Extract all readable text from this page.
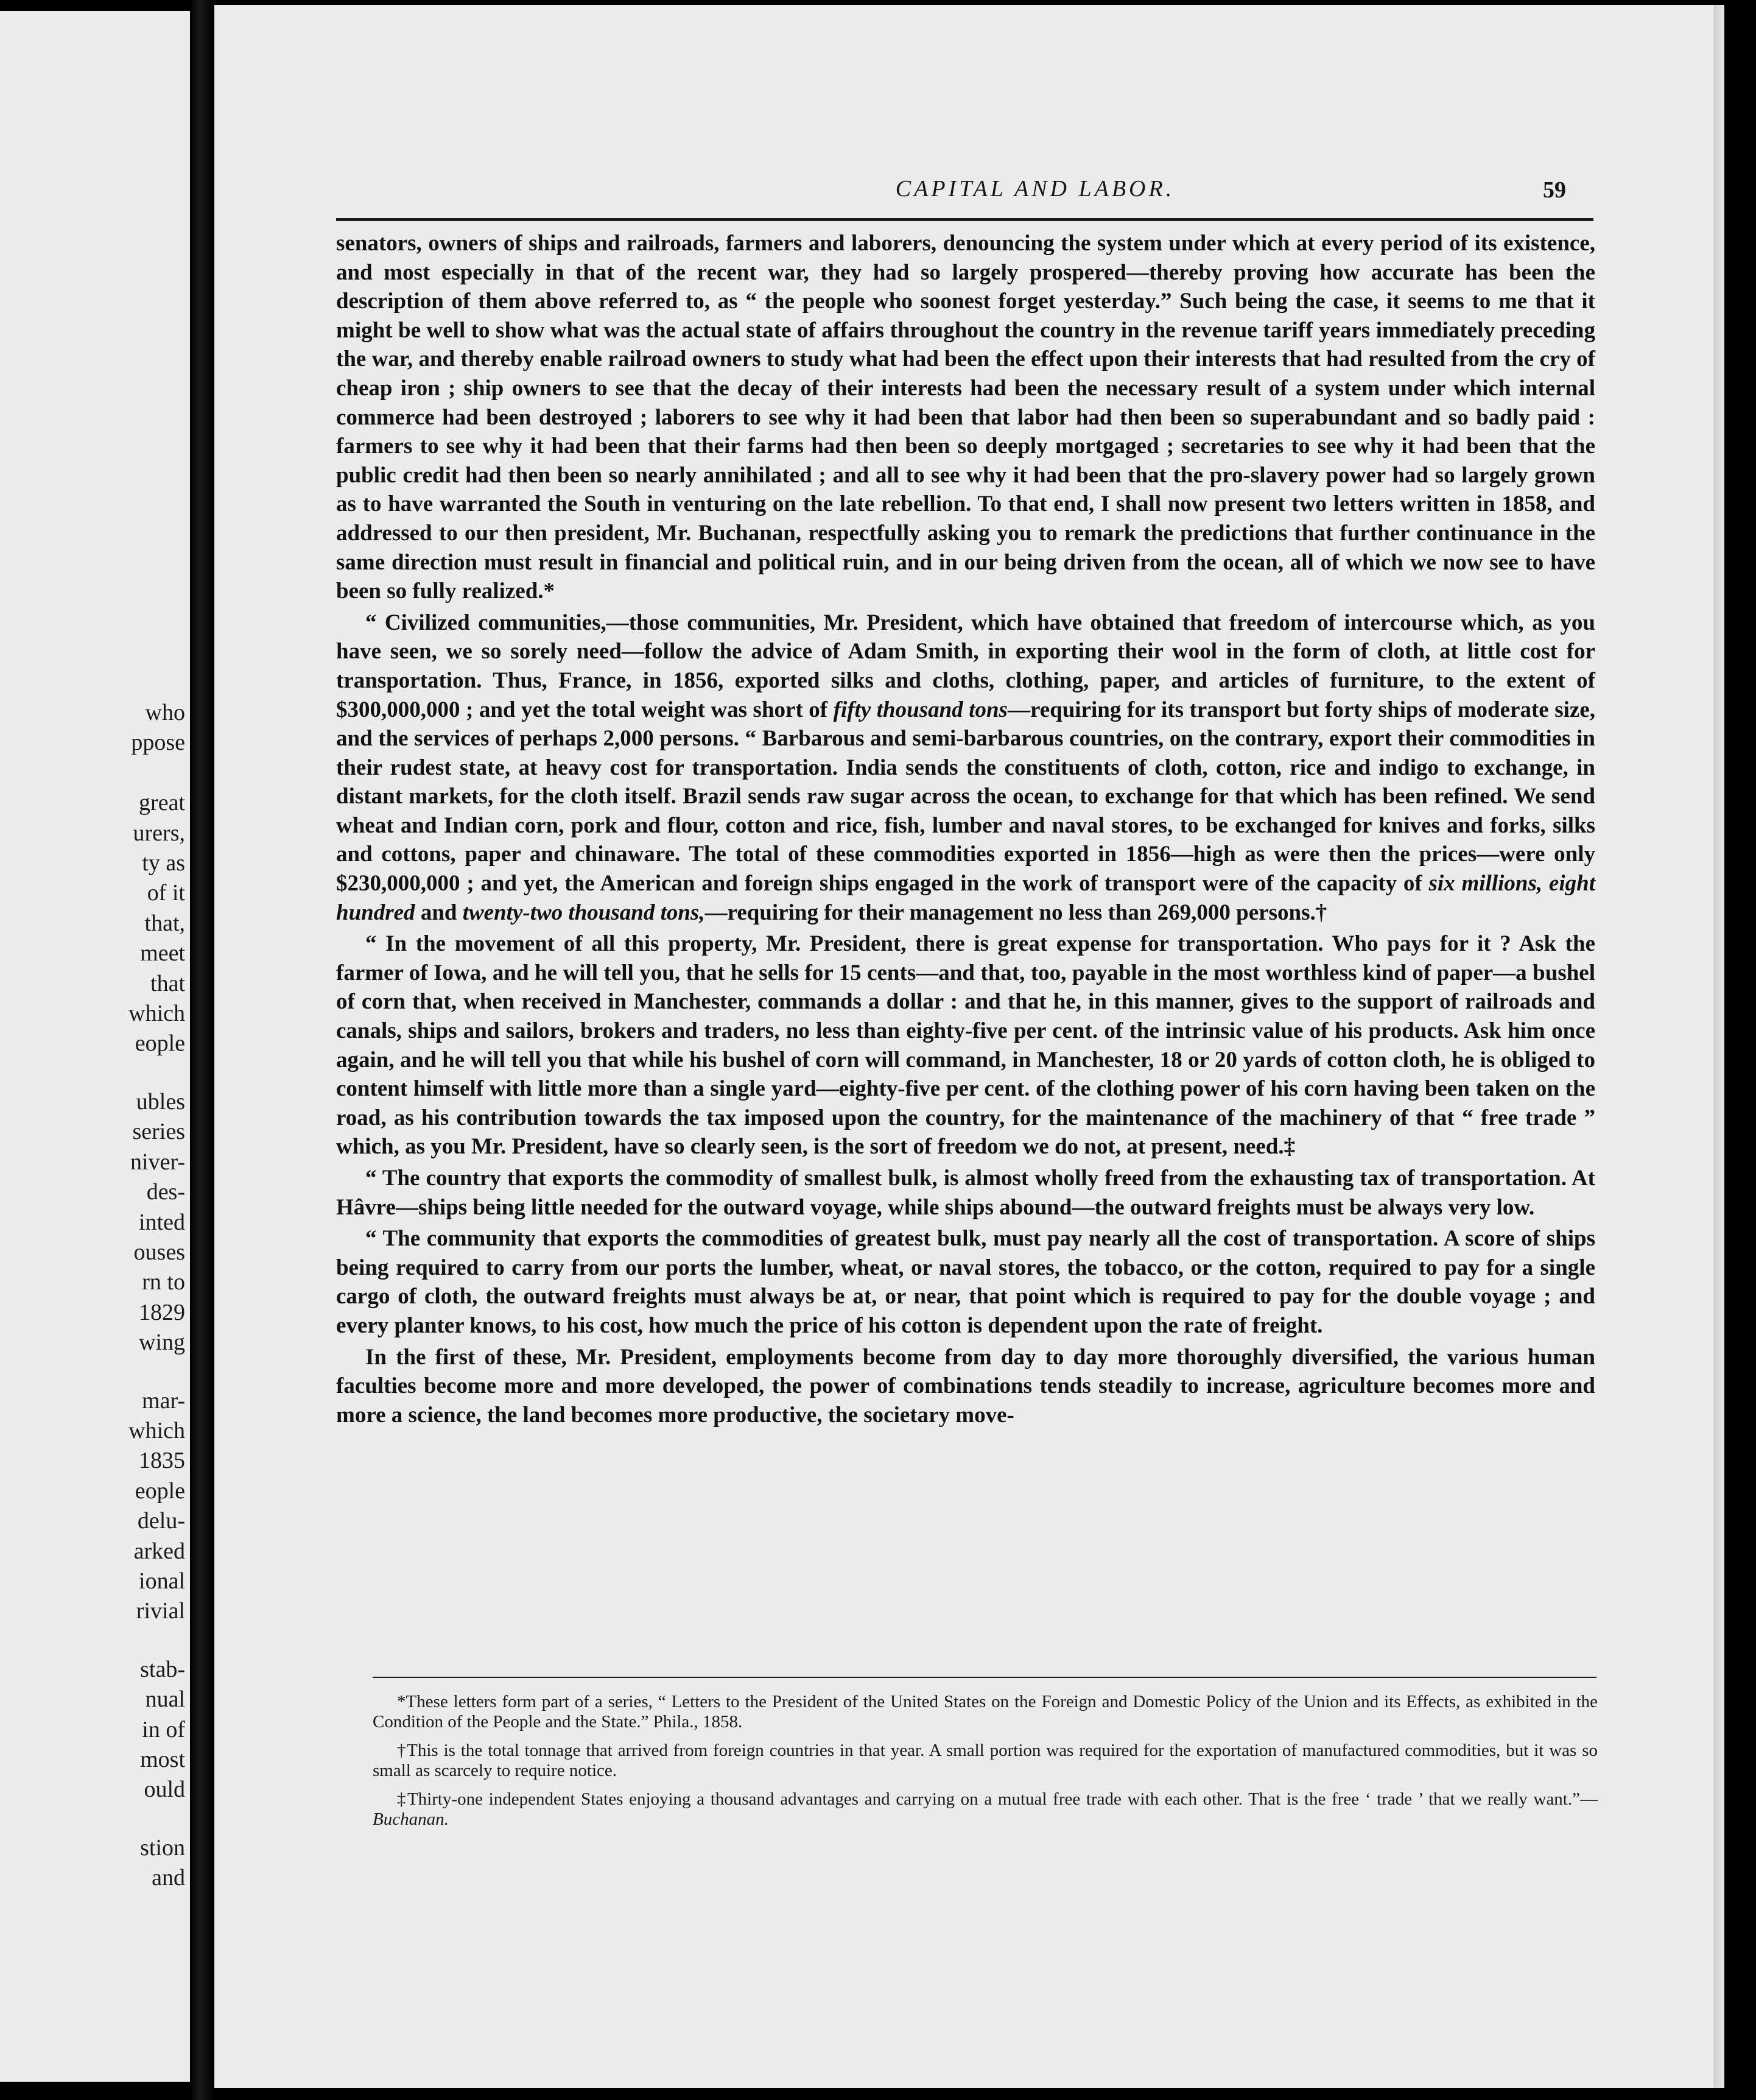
who
ppose

great
urers,
ty as
of it
that,
meet
that
which
eople
ubles
series
niver-
des-
inted
ouses
rn to
1829
wing
mar-
which
1835
eople
delu-
arked
ional
rivial
stab-
nual
in of
most
ould
stion
and
CAPITAL AND LABOR.	59

senators, owners of ships and railroads, farmers and laborers, denouncing the system under which at every period of its existence, and most especially in that of the recent war, they had so largely prospered—thereby proving how accurate has been the description of them above referred to, as “ the people who soonest forget yesterday.” Such being the case, it seems to me that it might be well to show what was the actual state of affairs throughout the country in the revenue tariff years immediately preceding the war, and thereby enable railroad owners to study what had been the effect upon their interests that had resulted from the cry of cheap iron ; ship owners to see that the decay of their interests had been the necessary result of a system under which internal commerce had been destroyed ; laborers to see why it had been that labor had then been so superabundant and so badly paid : farmers to see why it had been that their farms had then been so deeply mortgaged ; secretaries to see why it had been that the public credit had then been so nearly annihilated ; and all to see why it had been that the pro-slavery power had so largely grown as to have warranted the South in venturing on the late rebellion. To that end, I shall now present two letters written in 1858, and addressed to our then president, Mr. Buchanan, respectfully asking you to remark the predictions that further continuance in the same direction must result in financial and political ruin, and in our being driven from the ocean, all of which we now see to have been so fully realized.*

“ Civilized communities,—those communities, Mr. President, which have obtained that freedom of intercourse which, as you have seen, we so sorely need—follow the advice of Adam Smith, in exporting their wool in the form of cloth, at little cost for transportation. Thus, France, in 1856, exported silks and cloths, clothing, paper, and articles of furniture, to the extent of $300,000,000 ; and yet the total weight was short of fifty thousand tons—requiring for its transport but forty ships of moderate size, and the services of perhaps 2,000 persons. “ Barbarous and semi-barbarous countries, on the contrary, export their commodities in their rudest state, at heavy cost for transportation. India sends the constituents of cloth, cotton, rice and indigo to exchange, in distant markets, for the cloth itself. Brazil sends raw sugar across the ocean, to exchange for that which has been refined. We send wheat and Indian corn, pork and flour, cotton and rice, fish, lumber and naval stores, to be exchanged for knives and forks, silks and cottons, paper and chinaware. The total of these commodities exported in 1856—high as were then the prices—were only $230,000,000 ; and yet, the American and foreign ships engaged in the work of transport were of the capacity of six millions, eight hundred and twenty-two thousand tons,—requiring for their management no less than 269,000 persons.†

“ In the movement of all this property, Mr. President, there is great expense for transportation. Who pays for it ? Ask the farmer of Iowa, and he will tell you, that he sells for 15 cents—and that, too, payable in the most worthless kind of paper—a bushel of corn that, when received in Manchester, commands a dollar : and that he, in this manner, gives to the support of railroads and canals, ships and sailors, brokers and traders, no less than eighty-five per cent. of the intrinsic value of his products. Ask him once again, and he will tell you that while his bushel of corn will command, in Manchester, 18 or 20 yards of cotton cloth, he is obliged to content himself with little more than a single yard—eighty-five per cent. of the clothing power of his corn having been taken on the road, as his contribution towards the tax imposed upon the country, for the maintenance of the machinery of that “ free trade ” which, as you Mr. President, have so clearly seen, is the sort of freedom we do not, at present, need.‡

“ The country that exports the commodity of smallest bulk, is almost wholly freed from the exhausting tax of transportation. At Hâvre—ships being little needed for the outward voyage, while ships abound—the outward freights must be always very low.

“ The community that exports the commodities of greatest bulk, must pay nearly all the cost of transportation. A score of ships being required to carry from our ports the lumber, wheat, or naval stores, the tobacco, or the cotton, required to pay for a single cargo of cloth, the outward freights must always be at, or near, that point which is required to pay for the double voyage ; and every planter knows, to his cost, how much the price of his cotton is dependent upon the rate of freight.

In the first of these, Mr. President, employments become from day to day more thoroughly diversified, the various human faculties become more and more developed, the power of combinations tends steadily to increase, agriculture becomes more and more a science, the land becomes more productive, the societary move-

*These letters form part of a series, “ Letters to the President of the United States on the Foreign and Domestic Policy of the Union and its Effects, as exhibited in the Condition of the People and the State.” Phila., 1858.

†This is the total tonnage that arrived from foreign countries in that year. A small portion was required for the exportation of manufactured commodities, but it was so small as scarcely to require notice.

‡Thirty-one independent States enjoying a thousand advantages and carrying on a mutual free trade with each other. That is the free ‘ trade ’ that we really want.”—Buchanan.
